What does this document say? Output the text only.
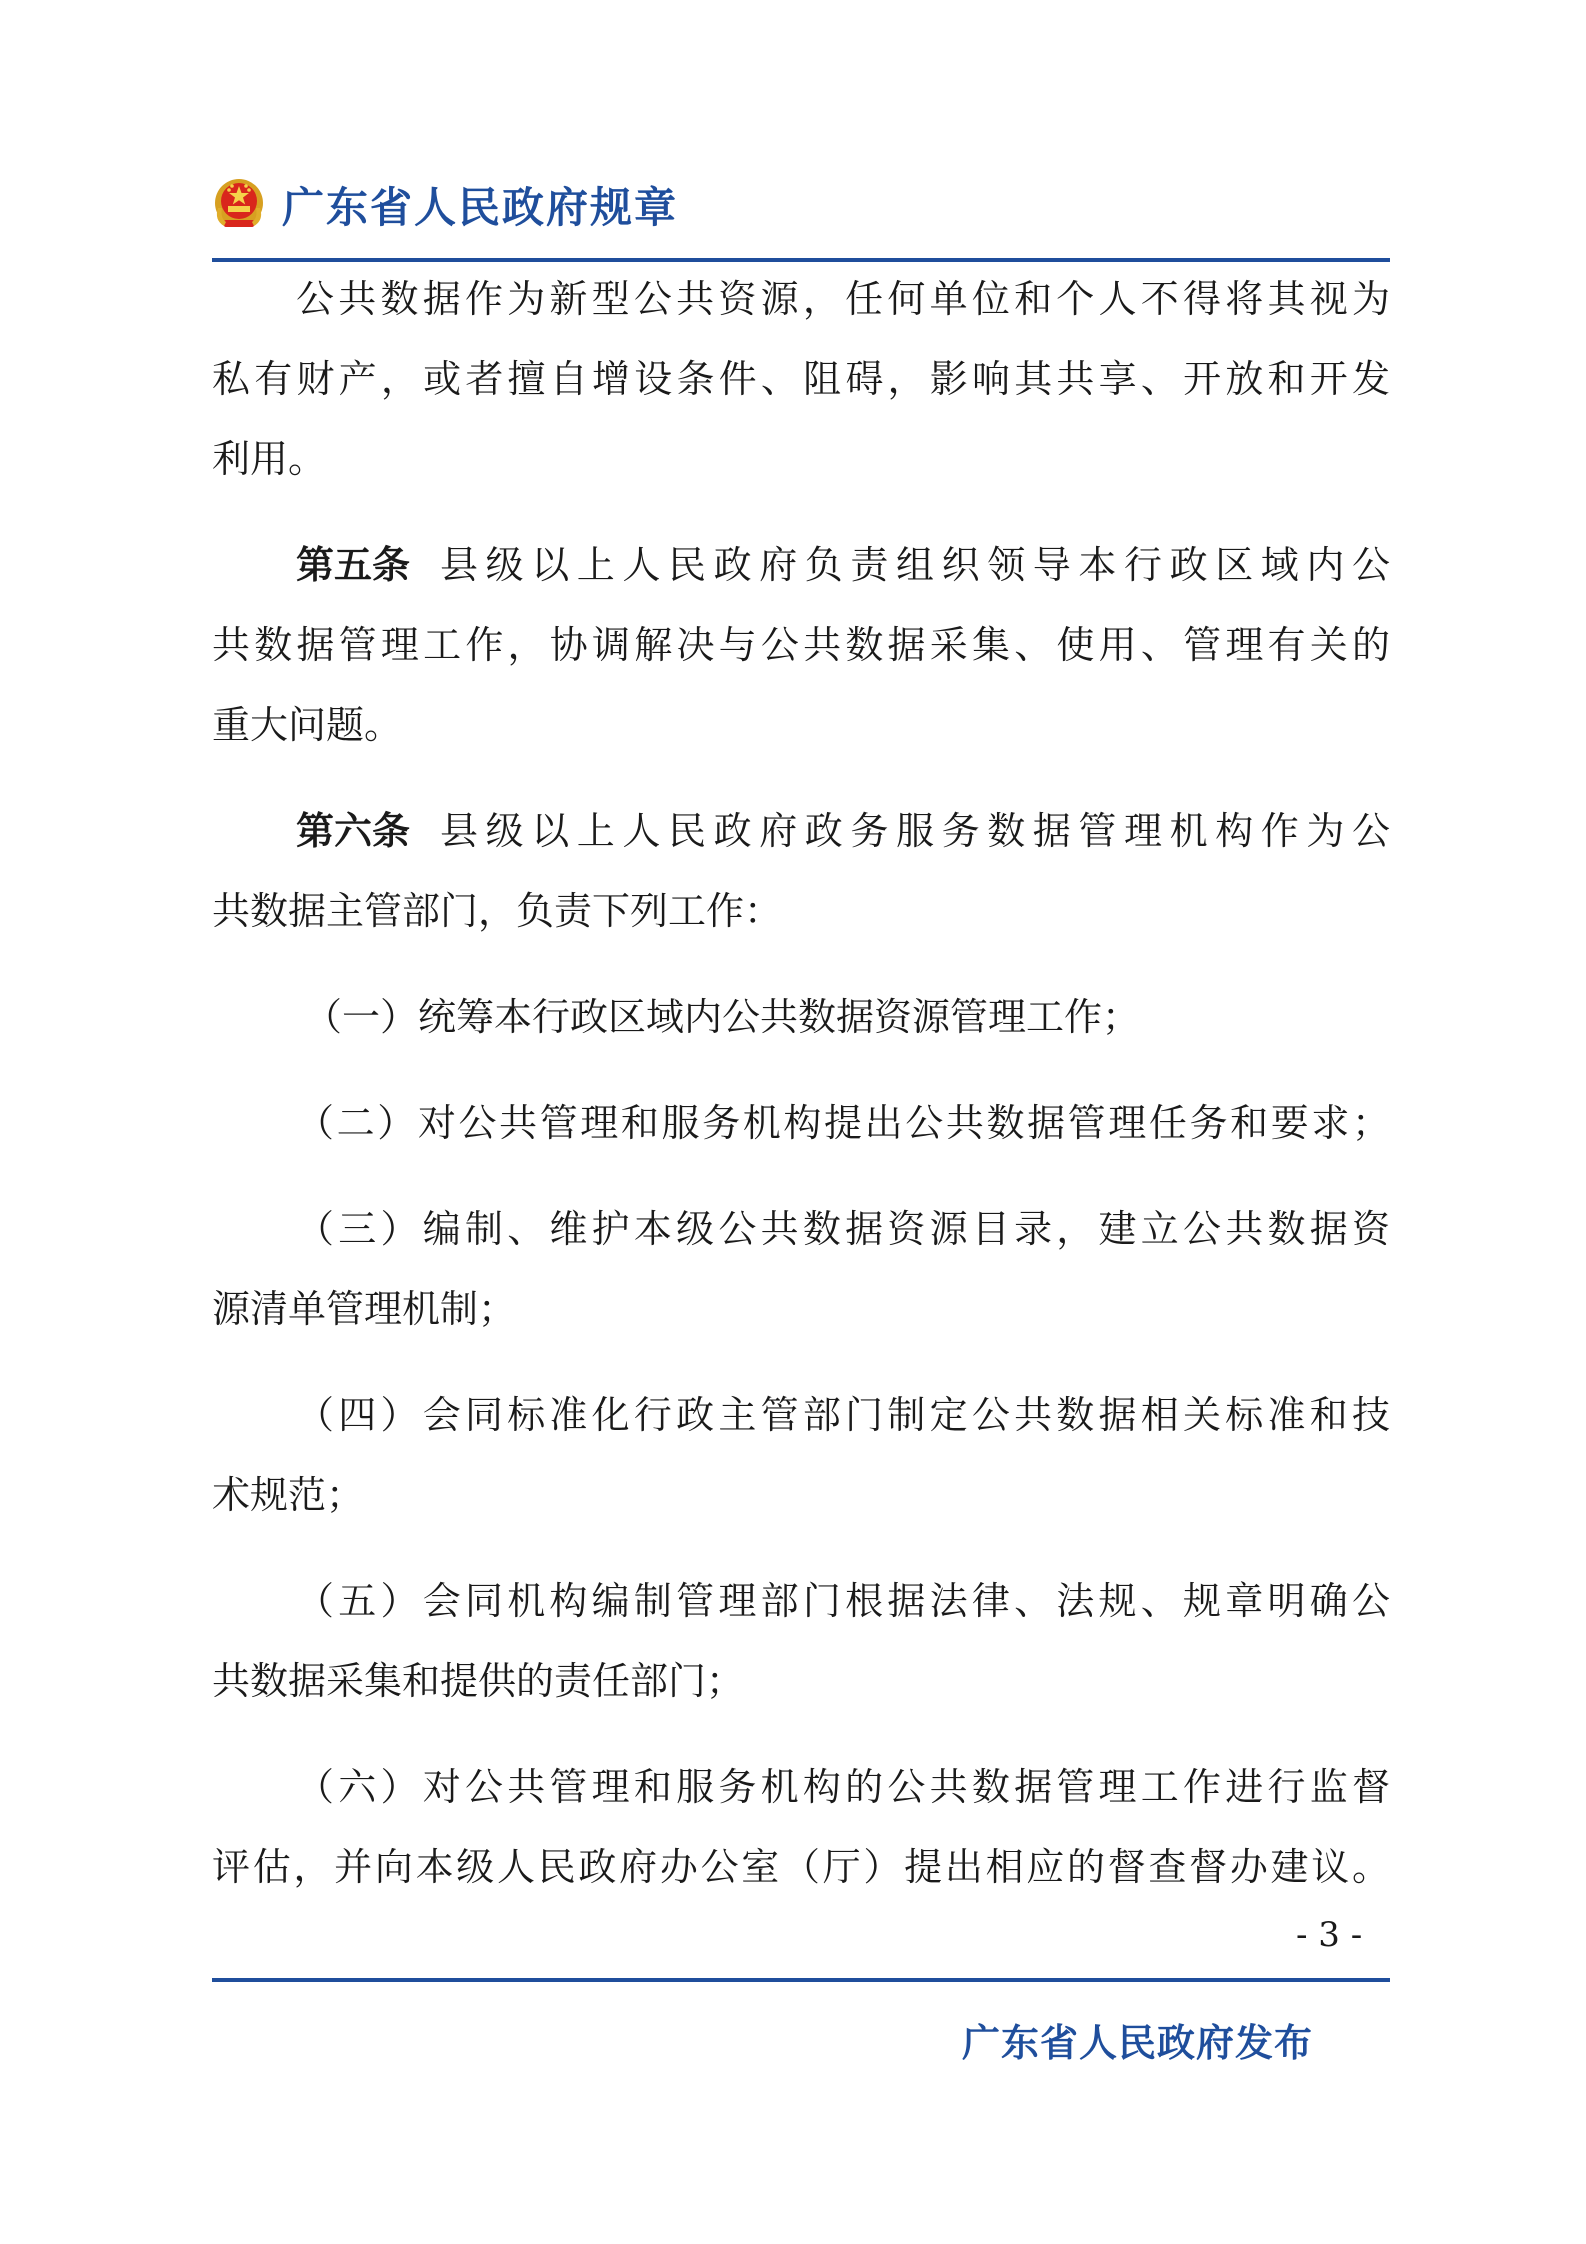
广东省人民政府规章
公共数据作为新型公共资源，任何单位和个人不得将其视为
私有财产，或者擅自增设条件、阻碍，影响其共享、开放和开发
利用。
第五条 县级以上人民政府负责组织领导本行政区域内公
共数据管理工作，协调解决与公共数据采集、使用、管理有关的
重大问题。
第六条 县级以上人民政府政务服务数据管理机构作为公
共数据主管部门，负责下列工作：
（一）统筹本行政区域内公共数据资源管理工作；
（二）对公共管理和服务机构提出公共数据管理任务和要求；
（三）编制、维护本级公共数据资源目录，建立公共数据资
源清单管理机制；
（四）会同标准化行政主管部门制定公共数据相关标准和技
术规范；
（五）会同机构编制管理部门根据法律、法规、规章明确公
共数据采集和提供的责任部门；
（六）对公共管理和服务机构的公共数据管理工作进行监督
评估，并向本级人民政府办公室（厅）提出相应的督查督办建议。
- 3 -
广东省人民政府发布
